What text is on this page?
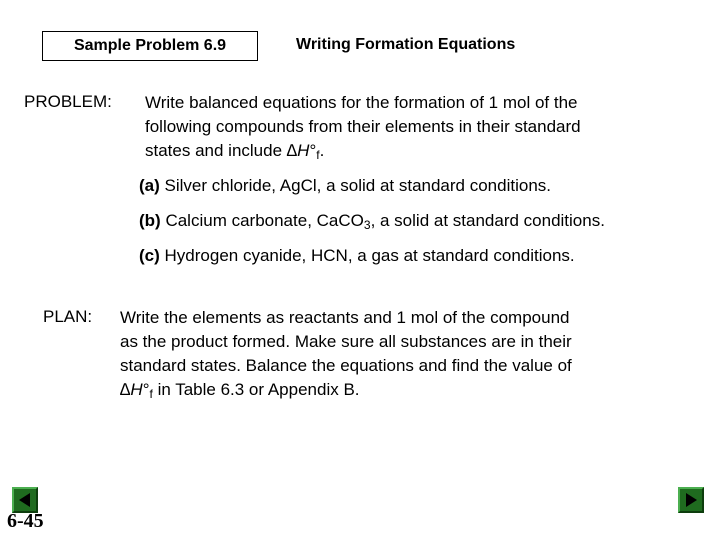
Sample Problem 6.9	Writing Formation Equations
PROBLEM: Write balanced equations for the formation of 1 mol of the
following compounds from their elements in their standard
states and include $\Delta H^\circ_f$.
(a) Silver chloride, AgCl, a solid at standard conditions.
(b) Calcium carbonate, CaCO$_3$, a solid at standard conditions.
(c) Hydrogen cyanide, HCN, a gas at standard conditions.
PLAN: Write the elements as reactants and 1 mol of the compound
as the product formed. Make sure all substances are in their
standard states. Balance the equations and find the value of
$\Delta H^\circ_f$ in Table 6.3 or Appendix B.
6-45
